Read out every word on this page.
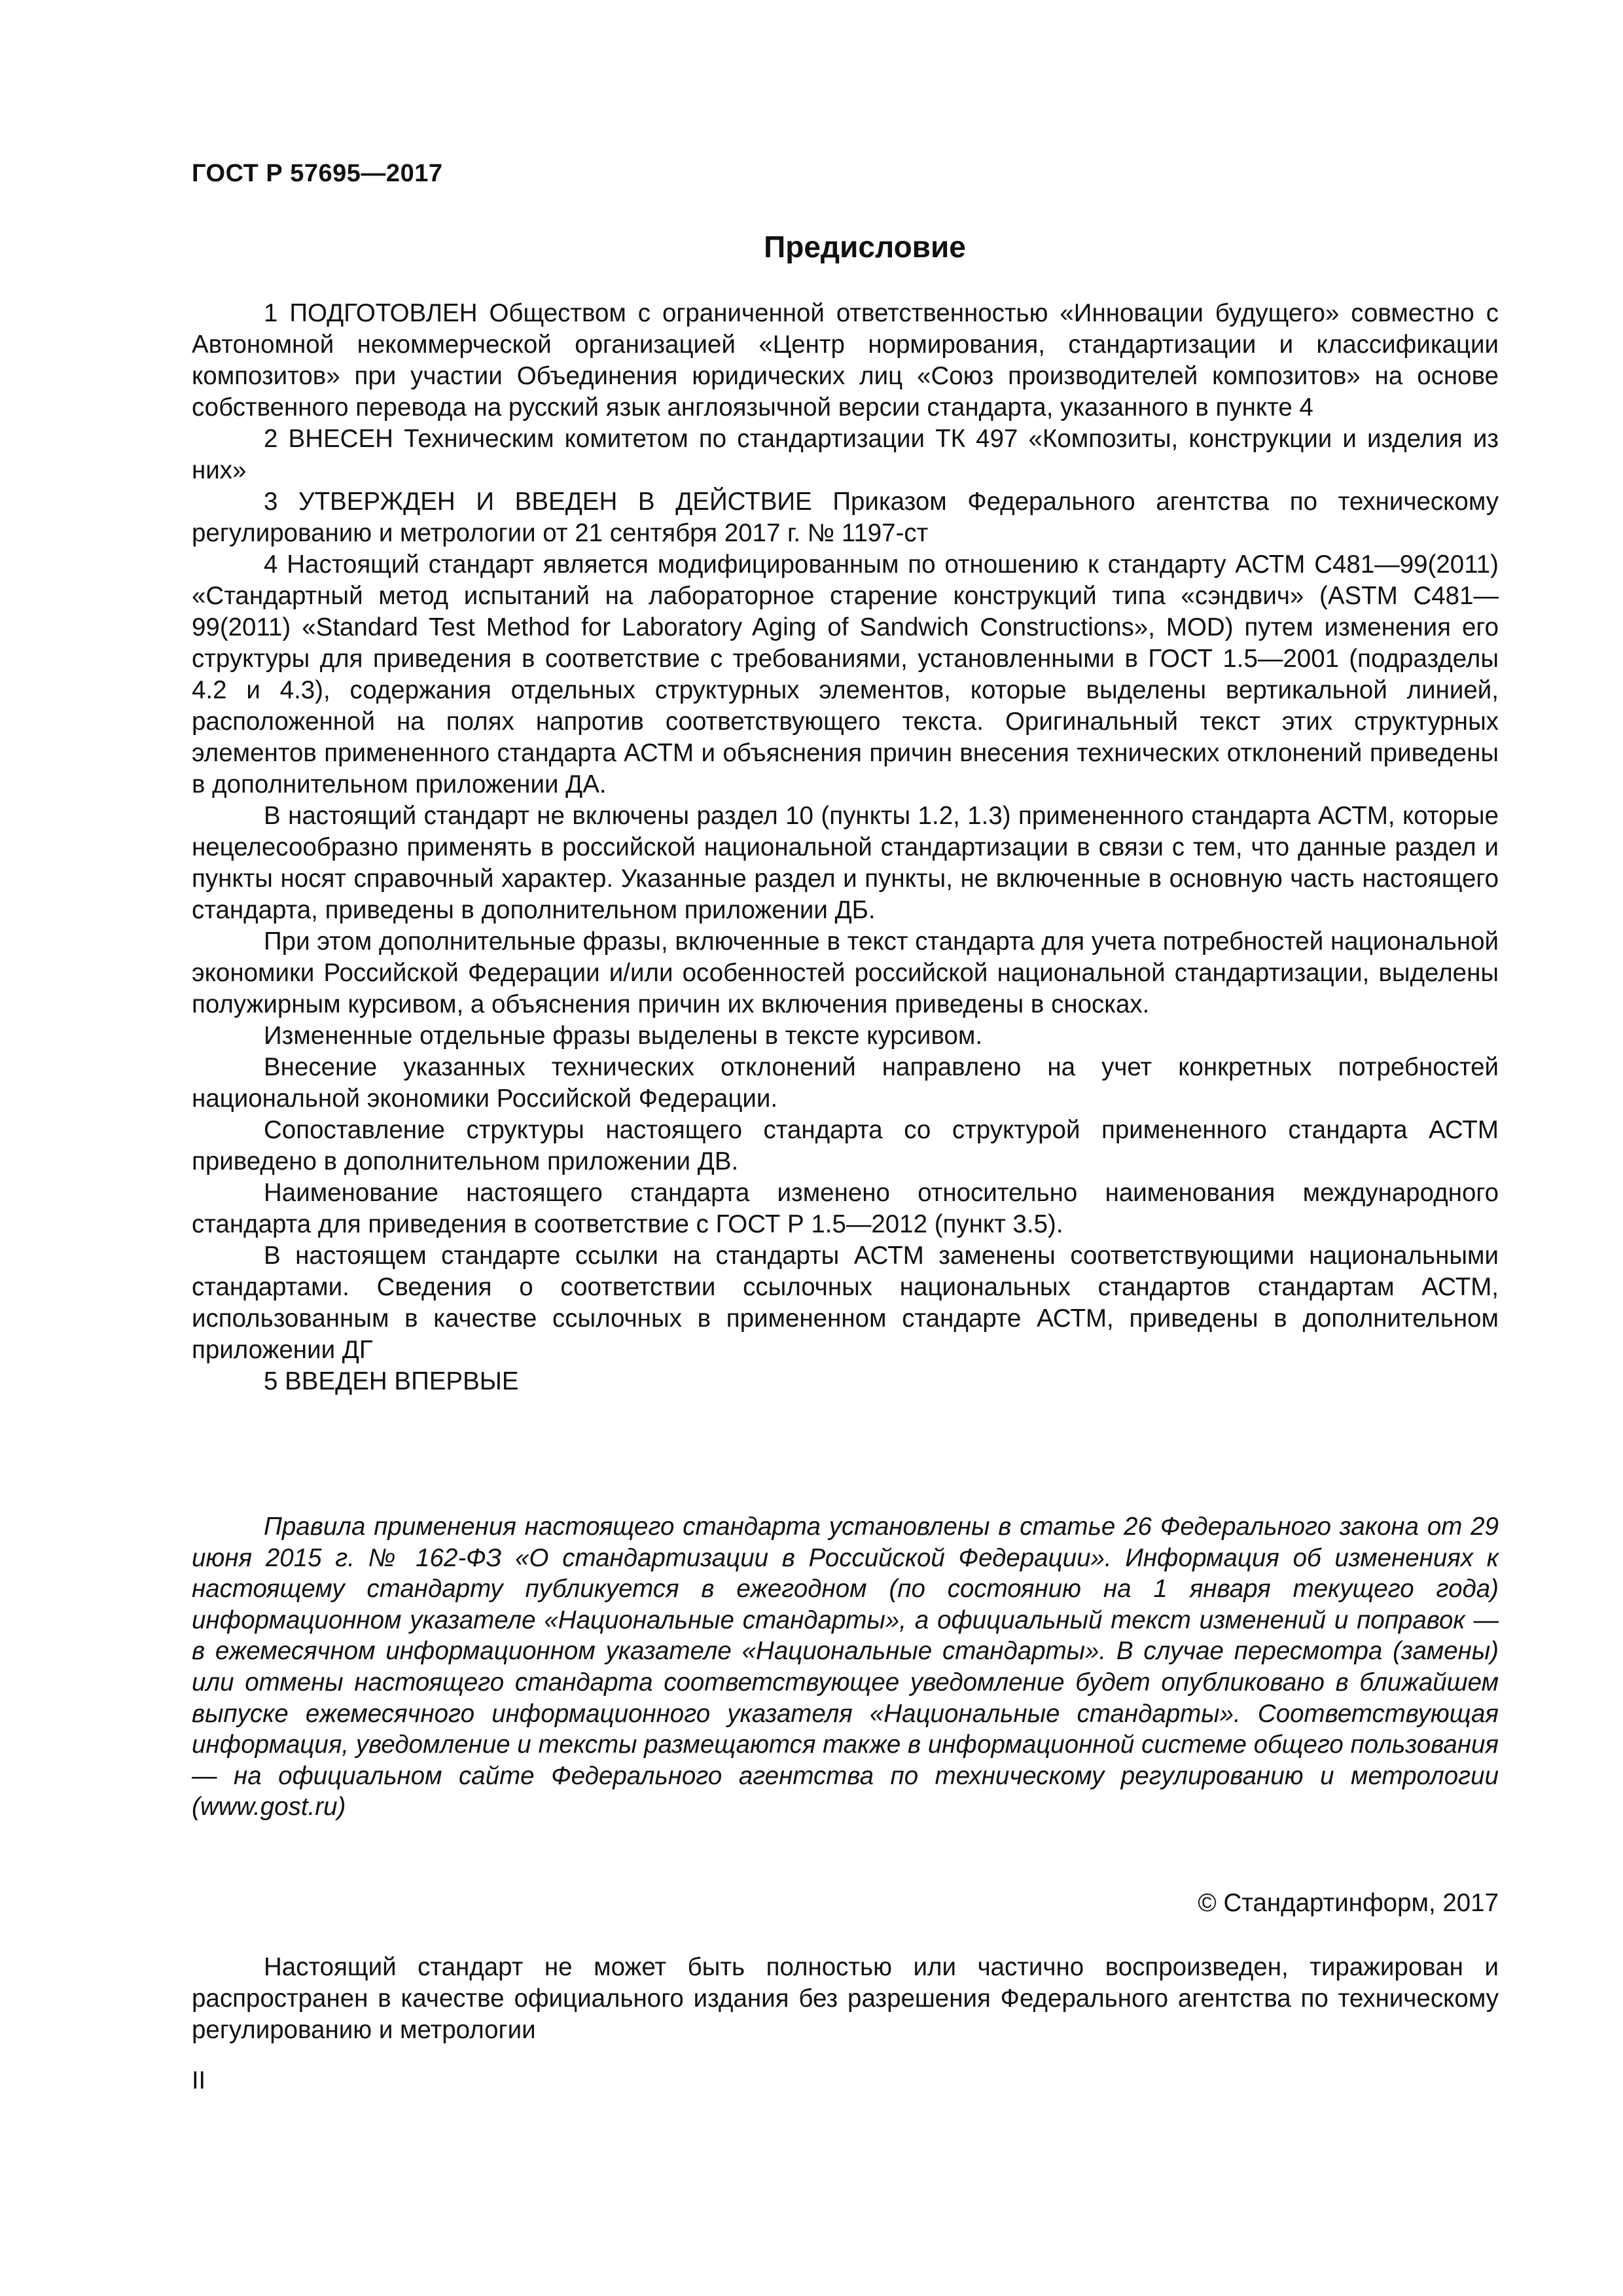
ГОСТ Р 57695—2017
Предисловие

1 ПОДГОТОВЛЕН Обществом с ограниченной ответственностью «Инновации будущего» совместно с Автономной некоммерческой организацией «Центр нормирования, стандартизации и классификации композитов» при участии Объединения юридических лиц «Союз производителей композитов» на основе собственного перевода на русский язык англоязычной версии стандарта, указанного в пункте 4

2 ВНЕСЕН Техническим комитетом по стандартизации ТК 497 «Композиты, конструкции и изделия из них»

3 УТВЕРЖДЕН И ВВЕДЕН В ДЕЙСТВИЕ Приказом Федерального агентства по техническому регулированию и метрологии от 21 сентября 2017 г. № 1197-ст

4 Настоящий стандарт является модифицированным по отношению к стандарту АСТМ С481—99(2011) «Стандартный метод испытаний на лабораторное старение конструкций типа «сэндвич» (ASTM C481—99(2011) «Standard Test Method for Laboratory Aging of Sandwich Constructions», MOD) путем изменения его структуры для приведения в соответствие с требованиями, установленными в ГОСТ 1.5—2001 (подразделы 4.2 и 4.3), содержания отдельных структурных элементов, которые выделены вертикальной линией, расположенной на полях напротив соответствующего текста. Оригинальный текст этих структурных элементов примененного стандарта АСТМ и объяснения причин внесения технических отклонений приведены в дополнительном приложении ДА.

В настоящий стандарт не включены раздел 10 (пункты 1.2, 1.3) примененного стандарта АСТМ, которые нецелесообразно применять в российской национальной стандартизации в связи с тем, что данные раздел и пункты носят справочный характер. Указанные раздел и пункты, не включенные в основную часть настоящего стандарта, приведены в дополнительном приложении ДБ.

При этом дополнительные фразы, включенные в текст стандарта для учета потребностей национальной экономики Российской Федерации и/или особенностей российской национальной стандартизации, выделены полужирным курсивом, а объяснения причин их включения приведены в сносках.

Измененные отдельные фразы выделены в тексте курсивом.

Внесение указанных технических отклонений направлено на учет конкретных потребностей национальной экономики Российской Федерации.

Сопоставление структуры настоящего стандарта со структурой примененного стандарта АСТМ приведено в дополнительном приложении ДВ.

Наименование настоящего стандарта изменено относительно наименования международного стандарта для приведения в соответствие с ГОСТ Р 1.5—2012 (пункт 3.5).

В настоящем стандарте ссылки на стандарты АСТМ заменены соответствующими национальными стандартами. Сведения о соответствии ссылочных национальных стандартов стандартам АСТМ, использованным в качестве ссылочных в примененном стандарте АСТМ, приведены в дополнительном приложении ДГ

5 ВВЕДЕН ВПЕРВЫЕ

Правила применения настоящего стандарта установлены в статье 26 Федерального закона от 29 июня 2015 г. № 162-ФЗ «О стандартизации в Российской Федерации». Информация об изменениях к настоящему стандарту публикуется в ежегодном (по состоянию на 1 января текущего года) информационном указателе «Национальные стандарты», а официальный текст изменений и поправок — в ежемесячном информационном указателе «Национальные стандарты». В случае пересмотра (замены) или отмены настоящего стандарта соответствующее уведомление будет опубликовано в ближайшем выпуске ежемесячного информационного указателя «Национальные стандарты». Соответствующая информация, уведомление и тексты размещаются также в информационной системе общего пользования — на официальном сайте Федерального агентства по техническому регулированию и метрологии (www.gost.ru)

© Стандартинформ, 2017

Настоящий стандарт не может быть полностью или частично воспроизведен, тиражирован и распространен в качестве официального издания без разрешения Федерального агентства по техническому регулированию и метрологии

II
